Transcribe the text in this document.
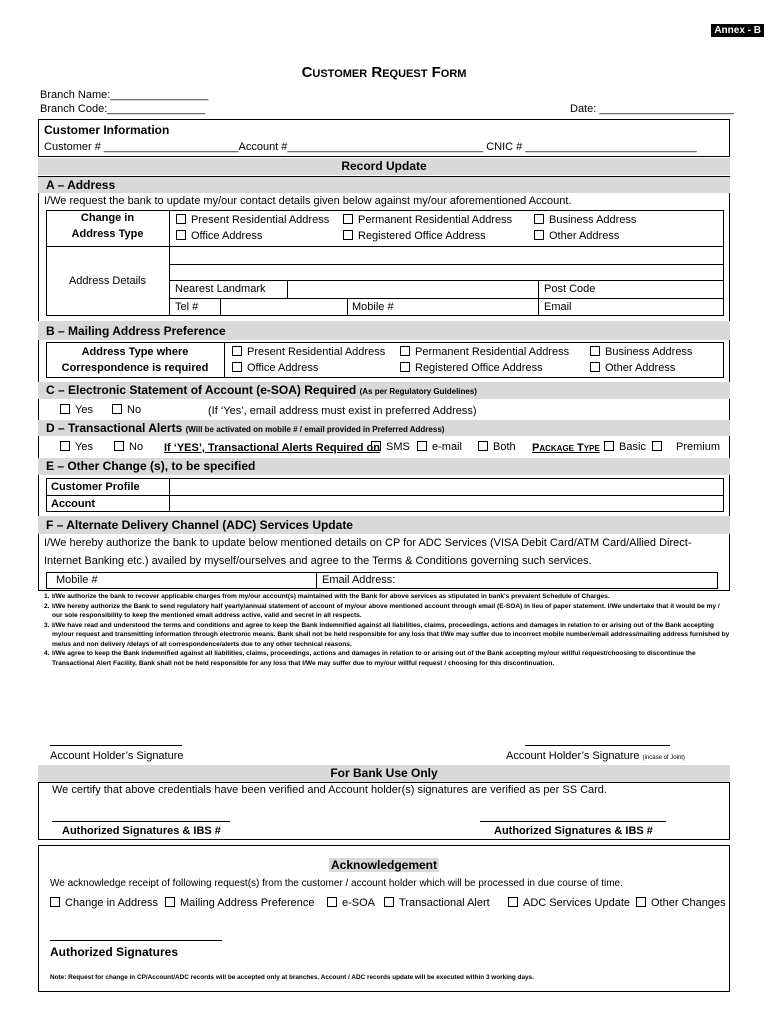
Annex - B
Customer Request Form
Branch Name:________________
Branch Code:________________	Date: ______________________
Customer Information
Customer # ______________________Account #________________________________ CNIC # ____________________________
Record Update
A – Address
I/We request the bank to update my/our contact details given below against my/our aforementioned Account.
Change in
Address Type
Present Residential Address	Permanent Residential Address	Business Address
Office Address	Registered Office Address	Other Address
Address Details
Nearest Landmark	Post Code
Tel #	Mobile #	Email
B – Mailing Address Preference
Address Type where
Correspondence is required
Present Residential Address	Permanent Residential Address	Business Address
Office Address	Registered Office Address	Other Address
C – Electronic Statement of Account (e-SOA) Required (As per Regulatory Guidelines)
Yes	No	(If ‘Yes’, email address must exist in preferred Address)
D – Transactional Alerts (Will be activated on mobile # / email provided in Preferred Address)
Yes	No If ‘YES’, Transactional Alerts Required on SMS	e-mail	Both Package Type	Basic	Premium
E – Other Change (s), to be specified
Customer Profile
Account
F – Alternate Delivery Channel (ADC) Services Update
I/We hereby authorize the bank to update below mentioned details on CP for ADC Services (VISA Debit Card/ATM Card/Allied Direct-
Internet Banking etc.) availed by myself/ourselves and agree to the Terms & Conditions governing such services.
Mobile #	Email Address:
1. I/We authorize the bank to recover applicable charges from my/our account(s) maintained with the Bank for above services as stipulated in bank's prevalent Schedule of Charges.
2. I/We hereby authorize the Bank to send regulatory half yearly/annual statement of account of my/our above mentioned account through email (E-SOA) in lieu of paper statement. I/We undertake that it would be my / our sole responsibility to keep the mentioned email address active, valid and secret in all respects.
3. I/We have read and understood the terms and conditions and agree to keep the Bank indemnified against all liabilities, claims, proceedings, actions and damages in relation to or arising out of the Bank accepting my/our request and transmitting information through electronic means. Bank shall not be held responsible for any loss that I/We may suffer due to incorrect mobile number/email address/mailing address furnished by me/us and non delivery /delays of all correspondence/alerts due to any other technical reasons.
4. I/We agree to keep the Bank indemnified against all liabilities, claims, proceedings, actions and damages in relation to or arising out of the Bank accepting my/our willful request/choosing to discontinue the Transactional Alert Facility. Bank shall not be held responsible for any loss that I/We may suffer due to my/our willful request / choosing for this discontinuation.
Account Holder’s Signature	Account Holder’s Signature (incase of Joint)
For Bank Use Only
We certify that above credentials have been verified and Account holder(s) signatures are verified as per SS Card.
Authorized Signatures & IBS #	Authorized Signatures & IBS #
Acknowledgement
We acknowledge receipt of following request(s) from the customer / account holder which will be processed in due course of time.
Change in Address	Mailing Address Preference	e-SOA	Transactional Alert	ADC Services Update	Other Changes
Authorized Signatures
Note: Request for change in CP/Account/ADC records will be accepted only at branches. Account / ADC records update will be executed within 3 working days.
